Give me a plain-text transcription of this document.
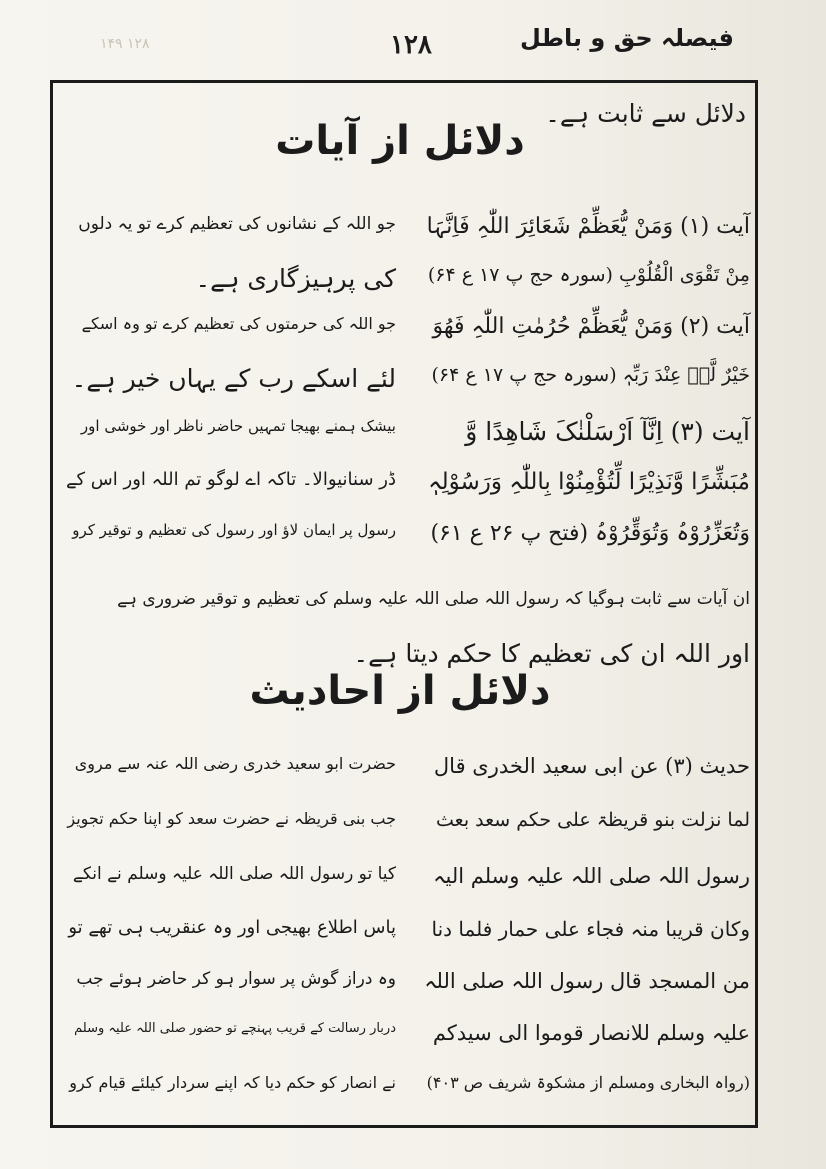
۱۲۸ ۱۴۹	۱۲۸	فیصلہ حق و باطل
دلائل سے ثابت ہے۔
دلائل از آیات
آیت (۱) وَمَنْ یُّعَظِّمْ شَعَائِرَ اللّٰہِ فَاِنَّہَا
مِنْ تَقْوَی الْقُلُوْبِ (سورہ حج پ ۱۷ ع ۶۴)
آیت (۲) وَمَنْ یُّعَظِّمْ حُرُمٰتِ اللّٰہِ فَھُوَ
خَیْرٌ لَّہٗ عِنْدَ رَبِّہٖ (سورہ حج پ ۱۷ ع ۶۴)
آیت (۳) اِنَّآ اَرْسَلْنٰکَ شَاھِدًا وَّ
مُبَشِّرًا وَّنَذِیْرًا لِّتُؤْمِنُوْا بِاللّٰہِ وَرَسُوْلِہٖ
وَتُعَزِّرُوْہُ وَتُوَقِّرُوْہُ (فتح پ ۲۶ ع ۶۱)
جو اللہ کے نشانوں کی تعظیم کرے تو یہ دلوں
کی پرہیزگاری ہے۔
جو اللہ کی حرمتوں کی تعظیم کرے تو وہ اسکے
لئے اسکے رب کے یہاں خیر ہے۔
بیشک ہمنے بھیجا تمہیں حاضر ناظر اور خوشی اور
ڈر سنانیوالا۔ تاکہ اے لوگو تم اللہ اور اس کے
رسول پر ایمان لاؤ اور رسول کی تعظیم و توقیر کرو
ان آیات سے ثابت ہوگیا کہ رسول اللہ صلی اللہ علیہ وسلم کی تعظیم و توقیر ضروری ہے
اور اللہ ان کی تعظیم کا حکم دیتا ہے۔
دلائل از احادیث
حدیث (۳) عن ابی سعید الخدری قال
لما نزلت بنو قریظۃ علی حکم سعد بعث
رسول اللہ صلی اللہ علیہ وسلم الیہ
وکان قریبا منہ فجاء علی حمار فلما دنا
من المسجد قال رسول اللہ صلی اللہ
علیہ وسلم للانصار قوموا الی سیدکم
(رواہ البخاری ومسلم از مشکوۃ شریف ص ۴۰۳)
حضرت ابو سعید خدری رضی اللہ عنہ سے مروی
جب بنی قریظہ نے حضرت سعد کو اپنا حکم تجویز
کیا تو رسول اللہ صلی اللہ علیہ وسلم نے انکے
پاس اطلاع بھیجی اور وہ عنقریب ہی تھے تو
وہ دراز گوش پر سوار ہو کر حاضر ہوئے جب
دربار رسالت کے قریب پہنچے تو حضور صلی اللہ علیہ وسلم
نے انصار کو حکم دیا کہ اپنے سردار کیلئے قیام کرو
